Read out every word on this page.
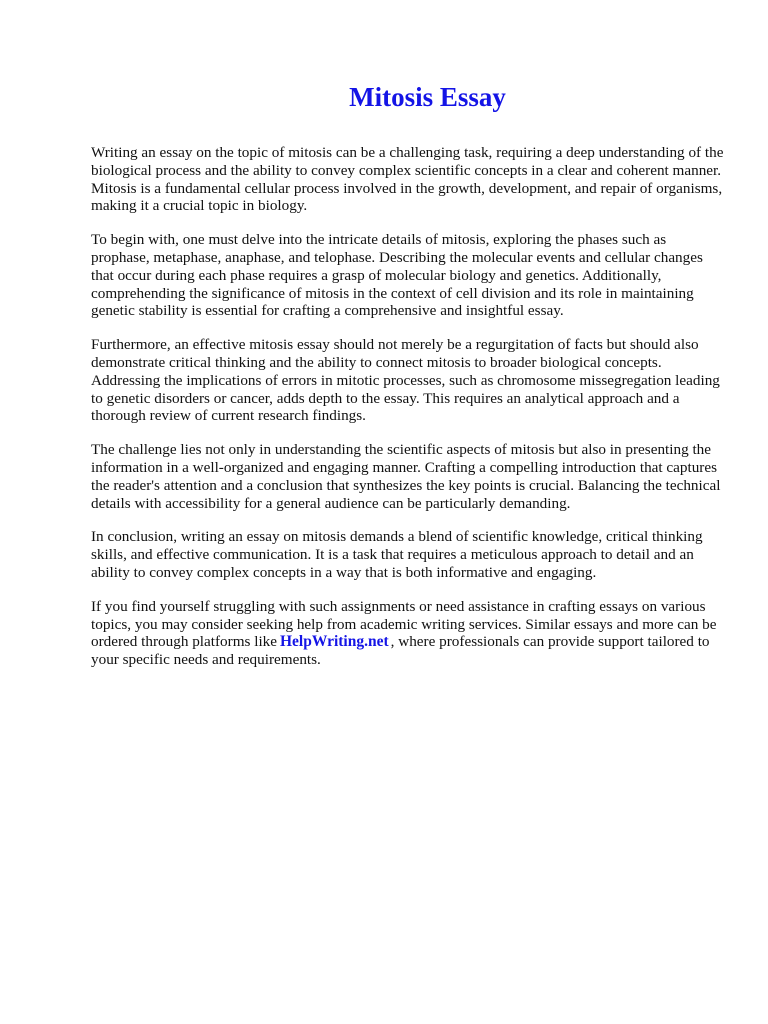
Mitosis Essay

Writing an essay on the topic of mitosis can be a challenging task, requiring a deep understanding of the biological process and the ability to convey complex scientific concepts in a clear and coherent manner. Mitosis is a fundamental cellular process involved in the growth, development, and repair of organisms, making it a crucial topic in biology.

To begin with, one must delve into the intricate details of mitosis, exploring the phases such as prophase, metaphase, anaphase, and telophase. Describing the molecular events and cellular changes that occur during each phase requires a grasp of molecular biology and genetics. Additionally, comprehending the significance of mitosis in the context of cell division and its role in maintaining genetic stability is essential for crafting a comprehensive and insightful essay.

Furthermore, an effective mitosis essay should not merely be a regurgitation of facts but should also demonstrate critical thinking and the ability to connect mitosis to broader biological concepts. Addressing the implications of errors in mitotic processes, such as chromosome missegregation leading to genetic disorders or cancer, adds depth to the essay. This requires an analytical approach and a thorough review of current research findings.

The challenge lies not only in understanding the scientific aspects of mitosis but also in presenting the information in a well-organized and engaging manner. Crafting a compelling introduction that captures the reader's attention and a conclusion that synthesizes the key points is crucial. Balancing the technical details with accessibility for a general audience can be particularly demanding.

In conclusion, writing an essay on mitosis demands a blend of scientific knowledge, critical thinking skills, and effective communication. It is a task that requires a meticulous approach to detail and an ability to convey complex concepts in a way that is both informative and engaging.

If you find yourself struggling with such assignments or need assistance in crafting essays on various topics, you may consider seeking help from academic writing services. Similar essays and more can be ordered through platforms like HelpWriting.net , where professionals can provide support tailored to your specific needs and requirements.
